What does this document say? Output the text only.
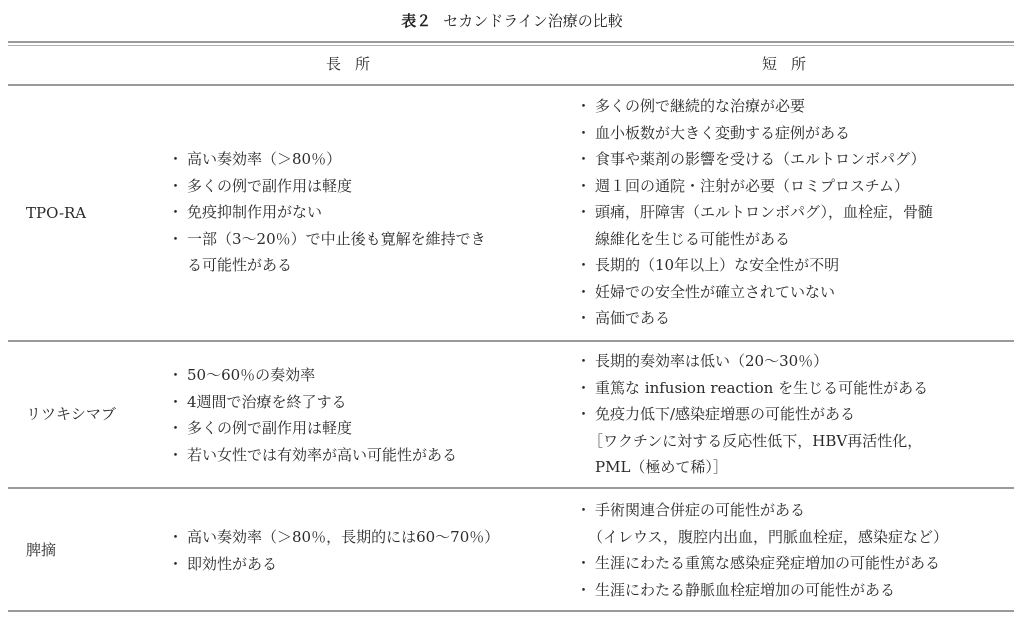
表２ セカンドライン治療の比較
長所	短所
TPO-RA
・ 高い奏効率（＞80％）
・ 多くの例で副作用は軽度
・ 免疫抑制作用がない
・ 一部（3〜20％）で中止後も寛解を維持でき
る可能性がある
・ 多くの例で継続的な治療が必要
・ 血小板数が大きく変動する症例がある
・ 食事や薬剤の影響を受ける（エルトロンボパグ）
・ 週１回の通院・注射が必要（ロミプロスチム）
・ 頭痛，肝障害（エルトロンボパグ），血栓症，骨髄
線維化を生じる可能性がある
・ 長期的（10年以上）な安全性が不明
・ 妊婦での安全性が確立されていない
・ 高価である
リツキシマブ
・ 50〜60％の奏効率
・ 4週間で治療を終了する
・ 多くの例で副作用は軽度
・ 若い女性では有効率が高い可能性がある
・ 長期的奏効率は低い（20〜30％）
・ 重篤な infusion reaction を生じる可能性がある
・ 免疫力低下/感染症増悪の可能性がある
［ワクチンに対する反応性低下，HBV再活性化，
PML（極めて稀）］
脾摘
・ 高い奏効率（＞80％，長期的には60〜70％）
・ 即効性がある
・ 手術関連合併症の可能性がある
（イレウス，腹腔内出血，門脈血栓症，感染症など）
・ 生涯にわたる重篤な感染症発症増加の可能性がある
・ 生涯にわたる静脈血栓症増加の可能性がある
